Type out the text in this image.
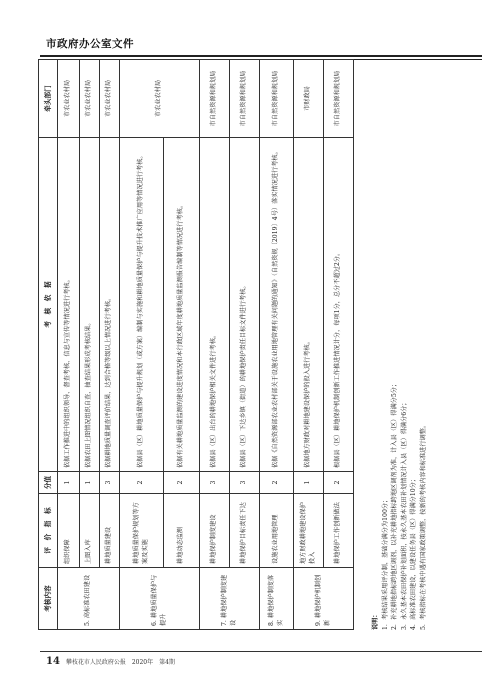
市政府办公室文件
考核内容	评　价　指　标	分值	考　核　依　据	牵头部门
5. 高标准农田建设	组织保障	1	依据工作推进中的组织领导、督查考核、信息与宣传等情况进行考核。	市农业农村局
	上图入库	1	依据农田上图情况组织自查，抽查结果形成考核结果。	市农业农村局
	耕地质量建设	3	依据耕地质量调查评价结果，达到合格等级以上情况进行考核。	市农业农村局
6. 耕地质量保护与提升	耕地质量保护规划等方案及实施	2	依据县（区）耕地质量保护与提升规划（或方案）编制与实施和耕地质量保护与提升技术推广应用等情况进行考核。	市农业农村局
	耕地动态监测	2	依据有关耕地质量监测的建设进度情况和本行政区域年度耕地质量监测报告编制等情况进行考核。	
7. 耕地保护制度建设	耕地保护制度建设	3	依据县（区）出台的耕地保护相关文件进行考核。	市自然资源和规划局
	耕地保护目标责任下达	3	依据县（区）下达乡镇（街道）的耕地保护责任目标文件进行考核。	市自然资源和规划局
8. 耕地保护制度落实	设施农业用地管理	2	依据《自然资源部农业农村部关于设施农业用地管理有关问题的通知》（自然资规〔2019〕4号）落实情况进行考核。	市自然资源和规划局
9. 耕地保护机制创新	地方财政耕地建设保护投入	1	依据地方财政对耕地建设保护的投入进行考核。	市财政局
	耕地保护工作创新做法	2	根据县（区）耕地保护机制创新工作推进情况计分，每项1分，总分不超过2分。	市自然资源和规划局
说明： 1．考核结果采用评分制，基础分满分为100分； 2．补充耕地指标跨地区调剂，以补充耕地指标跨地区调剂为准，计入县（区）得满分5分； 3．永久基本农田保护补划面积，按永久基本农田补划情况计入县（区）得满分6分； 4．高标准农田建设，以建设任务县（区）得满分10分； 5．考核指标在考核中遇有国家政策调整，按新的考核内容和标准进行调整。
14 攀枝花市人民政府公报　2020年　第4期
